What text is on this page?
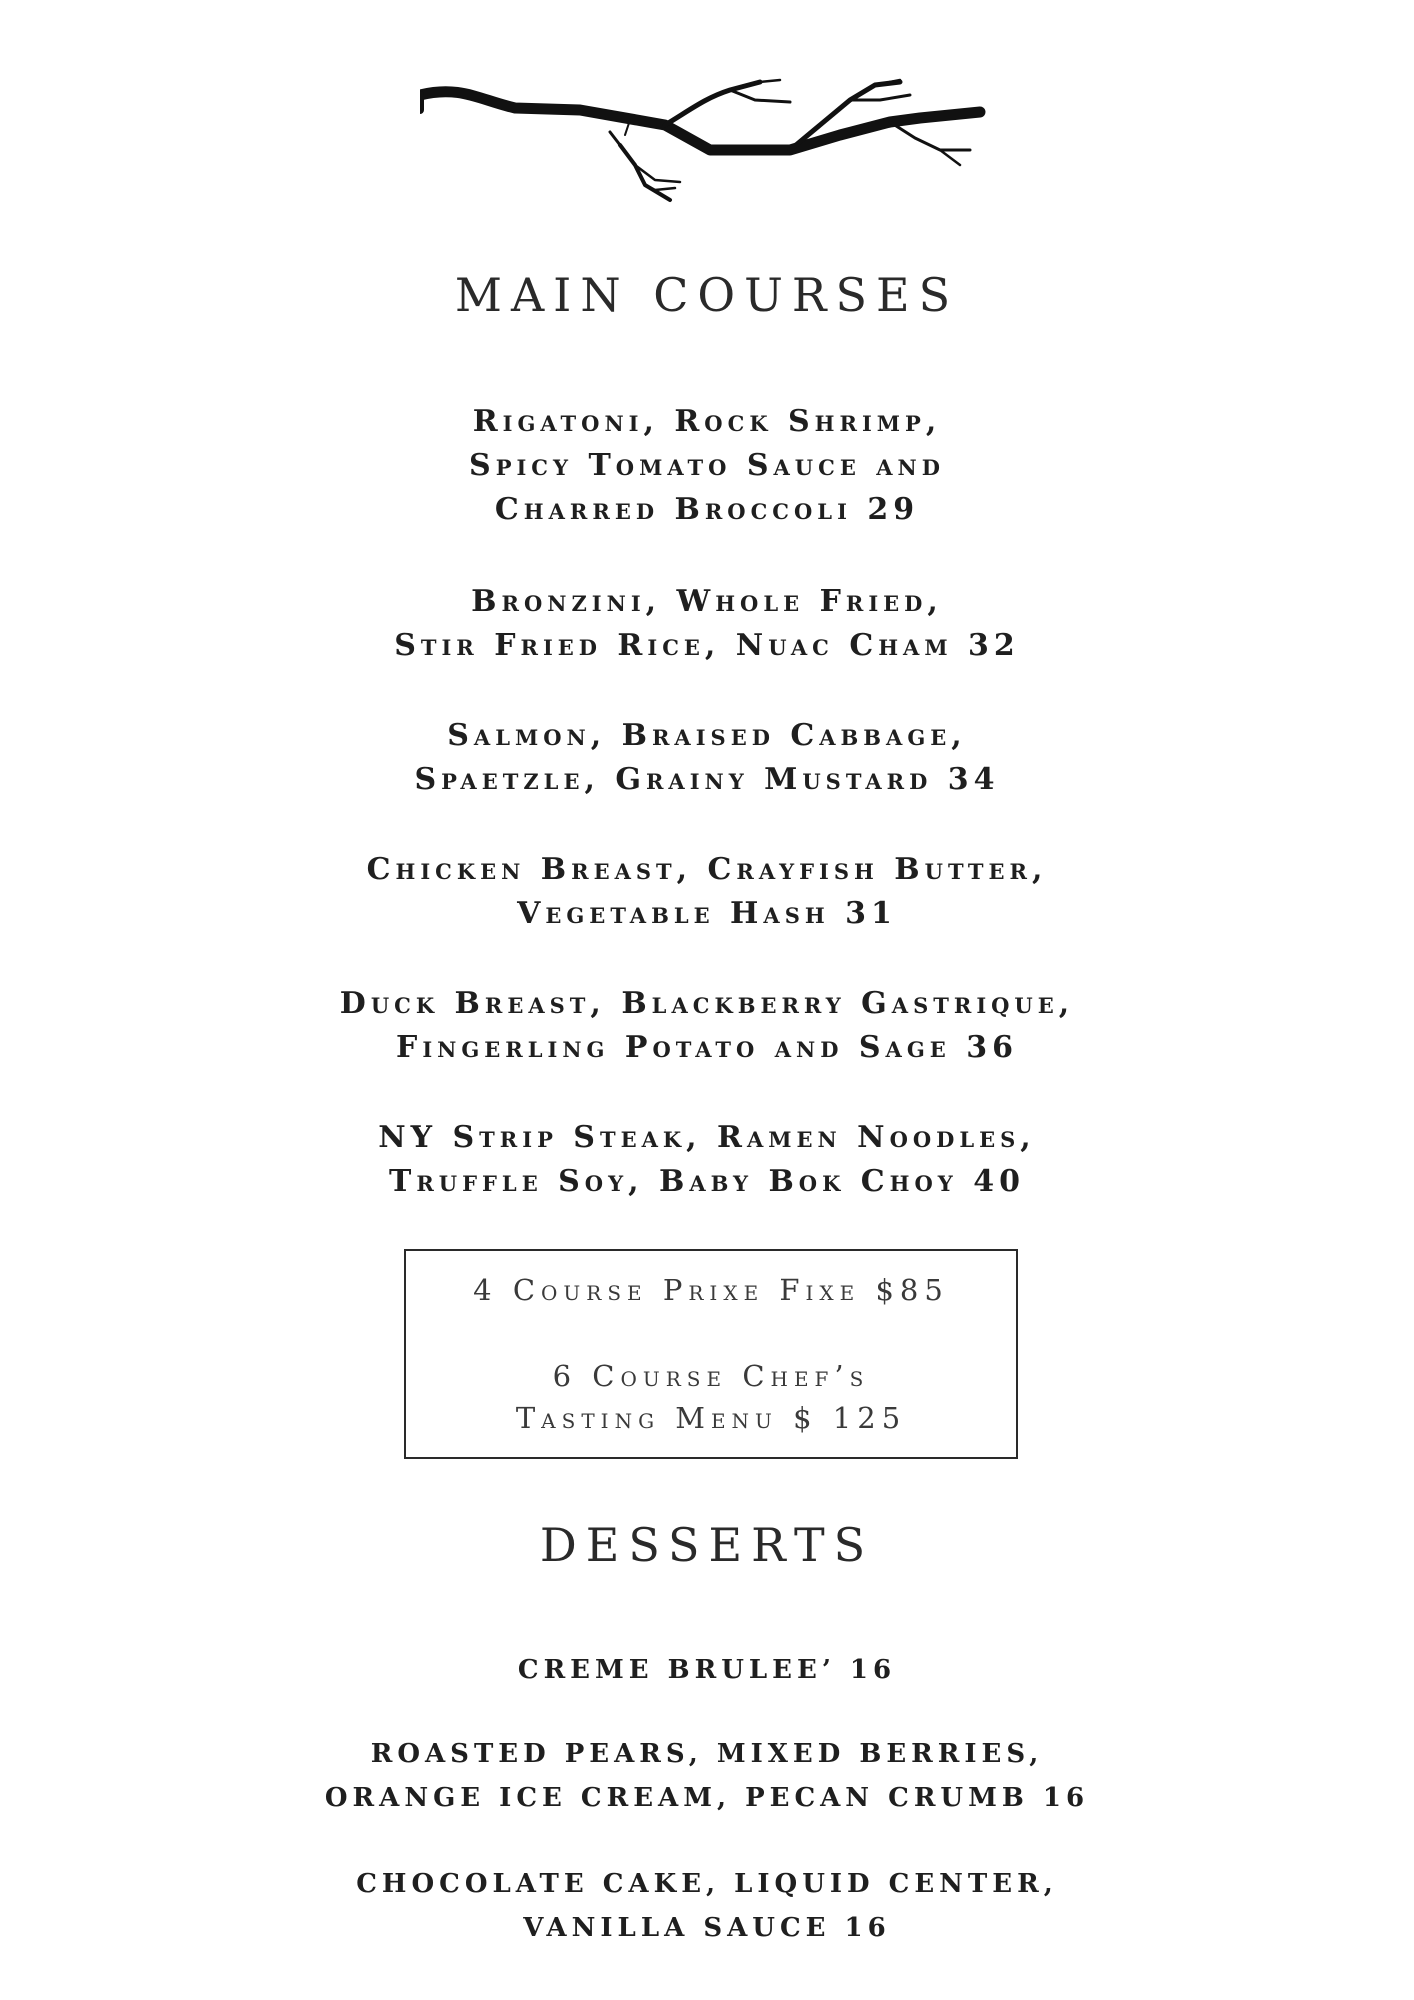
MAIN COURSES
Rigatoni, Rock Shrimp,
Spicy Tomato Sauce and
Charred Broccoli 29
Bronzini, Whole Fried,
Stir Fried Rice, Nuac Cham 32
Salmon, Braised Cabbage,
Spaetzle, Grainy Mustard 34
Chicken Breast, Crayfish Butter,
Vegetable Hash 31
Duck Breast, Blackberry Gastrique,
Fingerling Potato and Sage 36
NY Strip Steak, Ramen Noodles,
Truffle Soy, Baby Bok Choy 40
4 Course Prixe Fixe $85
6 Course Chef’s
Tasting Menu $ 125
DESSERTS
CREME BRULEE’ 16
ROASTED PEARS, MIXED BERRIES,
ORANGE ICE CREAM, PECAN CRUMB 16
CHOCOLATE CAKE, LIQUID CENTER,
VANILLA SAUCE 16
